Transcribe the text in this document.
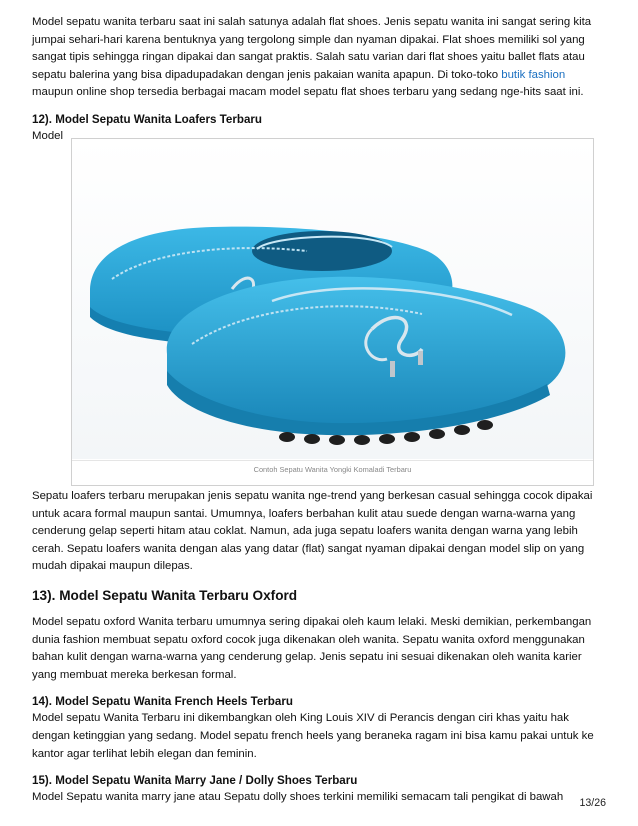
Model sepatu wanita terbaru saat ini salah satunya adalah flat shoes. Jenis sepatu wanita ini sangat sering kita jumpai sehari-hari karena bentuknya yang tergolong simple dan nyaman dipakai. Flat shoes memiliki sol yang sangat tipis sehingga ringan dipakai dan sangat praktis. Salah satu varian dari flat shoes yaitu ballet flats atau sepatu balerina yang bisa dipadupadakan dengan jenis pakaian wanita apapun. Di toko-toko butik fashion maupun online shop tersedia berbagai macam model sepatu flat shoes terbaru yang sedang nge-hits saat ini.

12). Model Sepatu Wanita Loafers Terbaru
Model
Contoh Sepatu Wanita Yongki Komaladi Terbaru

Sepatu loafers terbaru merupakan jenis sepatu wanita nge-trend yang berkesan casual sehingga cocok dipakai untuk acara formal maupun santai. Umumnya, loafers berbahan kulit atau suede dengan warna-warna yang cenderung gelap seperti hitam atau coklat. Namun, ada juga sepatu loafers wanita dengan warna yang lebih cerah. Sepatu loafers wanita dengan alas yang datar (flat) sangat nyaman dipakai dengan model slip on yang mudah dipakai maupun dilepas.

13). Model Sepatu Wanita Terbaru Oxford

Model sepatu oxford Wanita terbaru umumnya sering dipakai oleh kaum lelaki. Meski demikian, perkembangan dunia fashion membuat sepatu oxford cocok juga dikenakan oleh wanita. Sepatu wanita oxford menggunakan bahan kulit dengan warna-warna yang cenderung gelap. Jenis sepatu ini sesuai dikenakan oleh wanita karier yang membuat mereka berkesan formal.

14). Model Sepatu Wanita French Heels Terbaru

Model sepatu Wanita Terbaru ini dikembangkan oleh King Louis XIV di Perancis dengan ciri khas yaitu hak dengan ketinggian yang sedang. Model sepatu french heels yang beraneka ragam ini bisa kamu pakai untuk ke kantor agar terlihat lebih elegan dan feminin.

15). Model Sepatu Wanita Marry Jane / Dolly Shoes Terbaru

Model Sepatu wanita marry jane atau Sepatu dolly shoes terkini memiliki semacam tali pengikat di bawah	13/26
